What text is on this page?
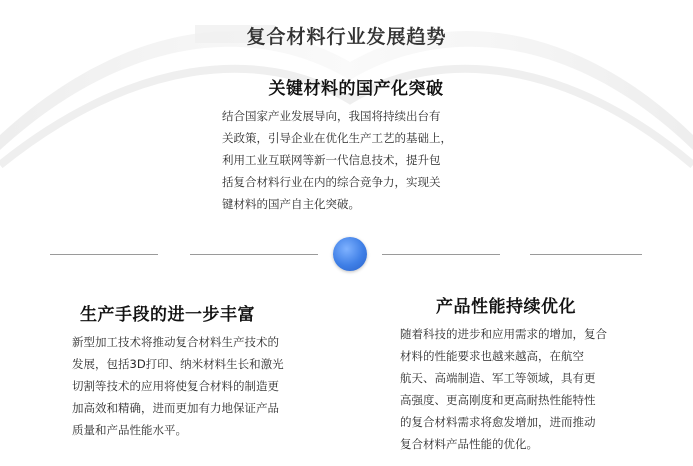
复合材料行业发展趋势
关键材料的国产化突破
结合国家产业发展导向，我国将持续出台有
关政策，引导企业在优化生产工艺的基础上，
利用工业互联网等新一代信息技术，提升包
括复合材料行业在内的综合竞争力，实现关
键材料的国产自主化突破。
生产手段的进一步丰富
新型加工技术将推动复合材料生产技术的
发展，包括3D打印、纳米材料生长和激光
切割等技术的应用将使复合材料的制造更
加高效和精确，进而更加有力地保证产品
质量和产品性能水平。
产品性能持续优化
随着科技的进步和应用需求的增加，复合
材料的性能要求也越来越高，在航空
航天、高端制造、军工等领域，具有更
高强度、更高刚度和更高耐热性能特性
的复合材料需求将愈发增加，进而推动
复合材料产品性能的优化。
